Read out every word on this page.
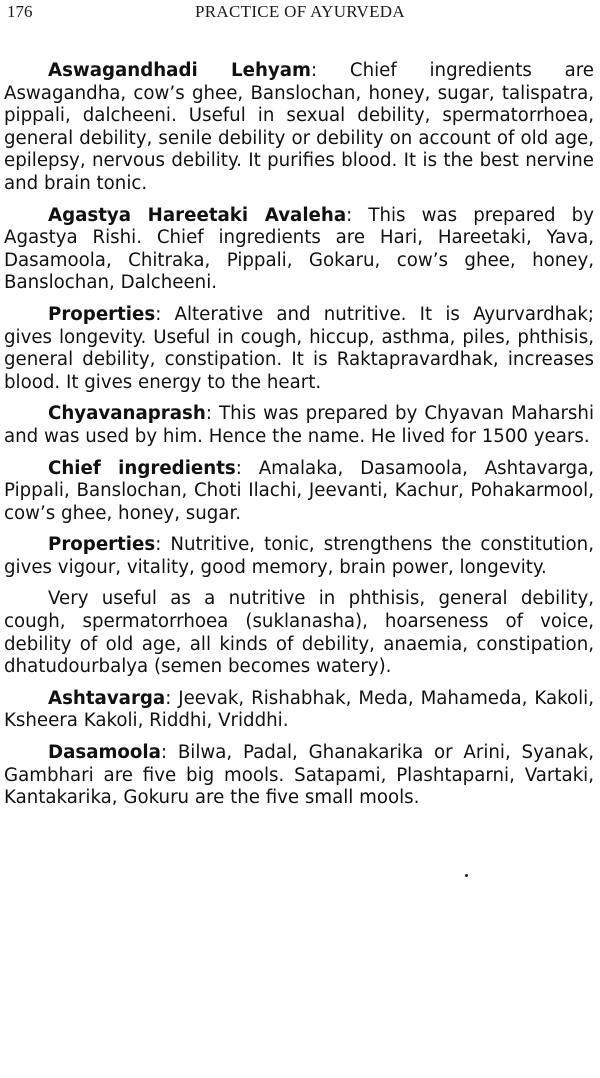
176	PRACTICE OF AYURVEDA

Aswagandhadi Lehyam: Chief ingredients are Aswagandha, cow’s ghee, Banslochan, honey, sugar, talispatra, pippali, dalcheeni. Useful in sexual debility, spermatorrhoea, general debility, senile debility or debility on account of old age, epilepsy, nervous debility. It purifies blood. It is the best nervine and brain tonic.

Agastya Hareetaki Avaleha: This was prepared by Agastya Rishi. Chief ingredients are Hari, Hareetaki, Yava, Dasamoola, Chitraka, Pippali, Gokaru, cow’s ghee, honey, Banslochan, Dalcheeni.

Properties: Alterative and nutritive. It is Ayurvardhak; gives longevity. Useful in cough, hiccup, asthma, piles, phthisis, general debility, constipation. It is Raktapravardhak, increases blood. It gives energy to the heart.

Chyavanaprash: This was prepared by Chyavan Maharshi and was used by him. Hence the name. He lived for 1500 years.

Chief ingredients: Amalaka, Dasamoola, Ashtavarga, Pippali, Banslochan, Choti Ilachi, Jeevanti, Kachur, Pohakarmool, cow’s ghee, honey, sugar.

Properties: Nutritive, tonic, strengthens the constitution, gives vigour, vitality, good memory, brain power, longevity.

Very useful as a nutritive in phthisis, general debility, cough, spermatorrhoea (suklanasha), hoarseness of voice, debility of old age, all kinds of debility, anaemia, constipation, dhatudourbalya (semen becomes watery).

Ashtavarga: Jeevak, Rishabhak, Meda, Mahameda, Kakoli, Ksheera Kakoli, Riddhi, Vriddhi.

Dasamoola: Bilwa, Padal, Ghanakarika or Arini, Syanak, Gambhari are five big mools. Satapami, Plashtaparni, Vartaki, Kantakarika, Gokuru are the five small mools.
